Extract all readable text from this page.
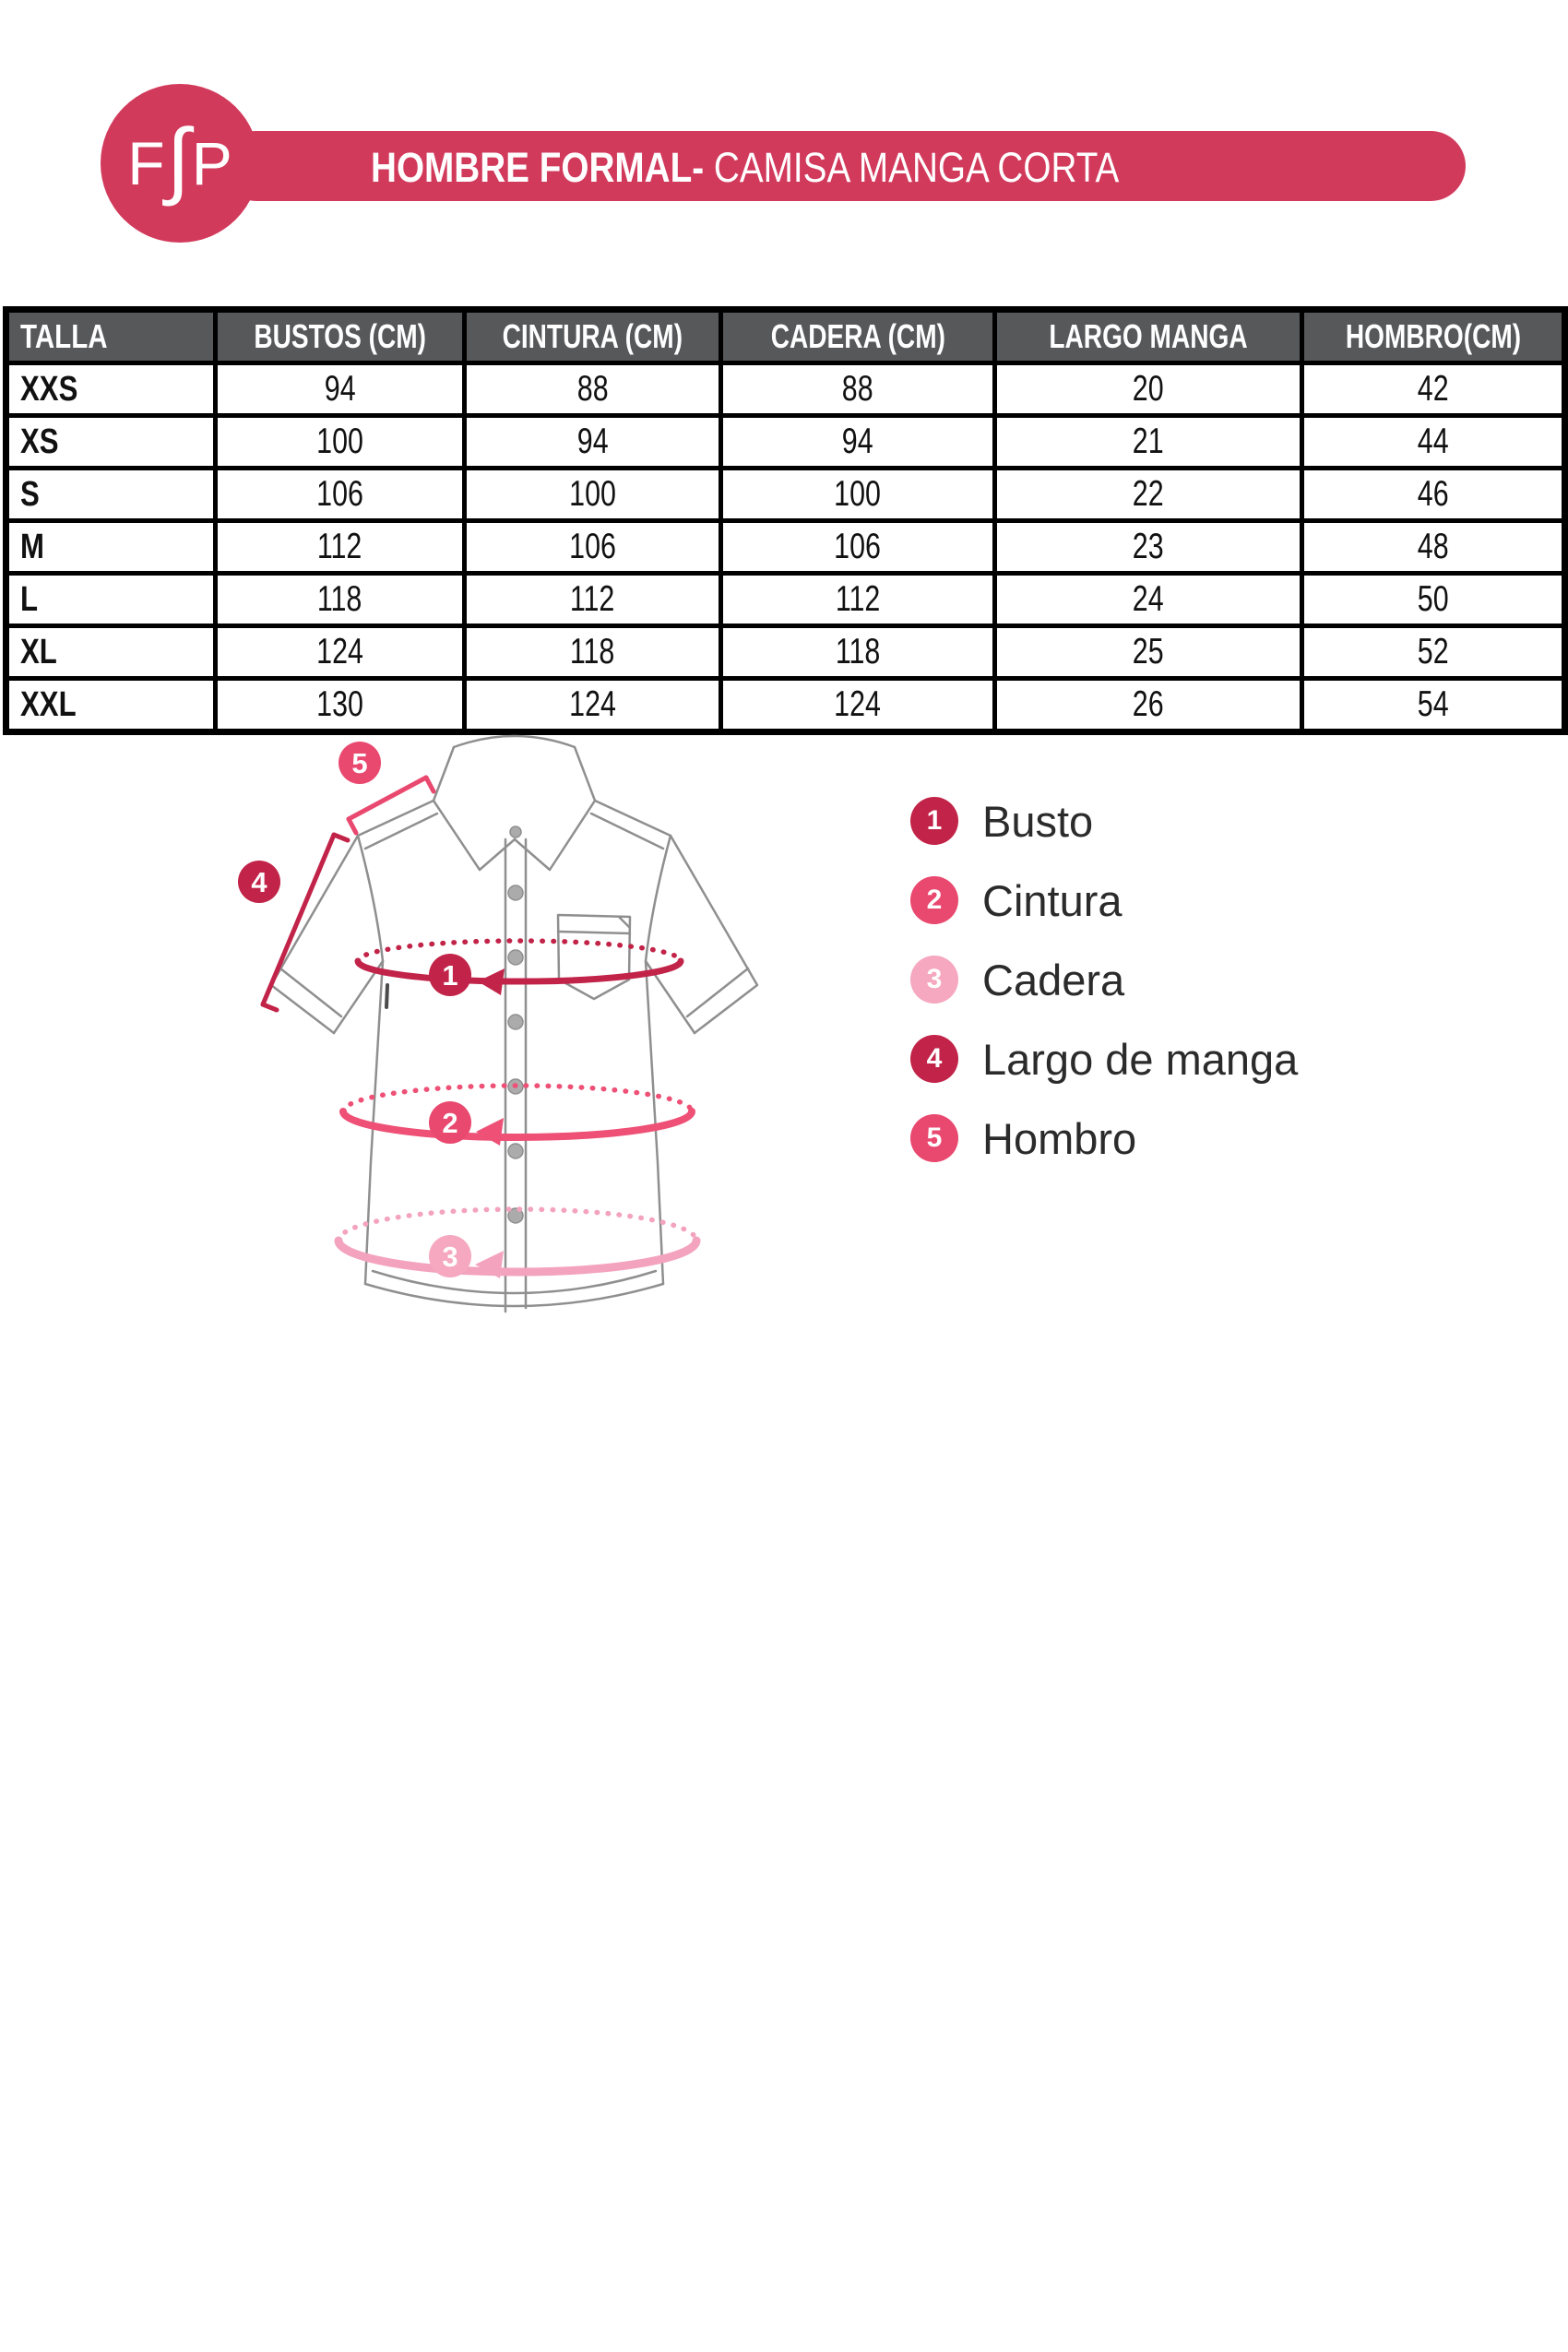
HOMBRE FORMAL- CAMISA MANGA CORTA
F ∫ P
TALLA	BUSTOS (CM)	CINTURA (CM)	CADERA (CM)	LARGO MANGA	HOMBRO(CM)
XXS	94	88	88	20	42
XS	100	94	94	21	44
S	106	100	100	22	46
M	112	106	106	23	48
L	118	112	112	24	50
XL	124	118	118	25	52
XXL	130	124	124	26	54
1
2
3
4
5
1 Busto
2 Cintura
3 Cadera
4 Largo de manga
5 Hombro
